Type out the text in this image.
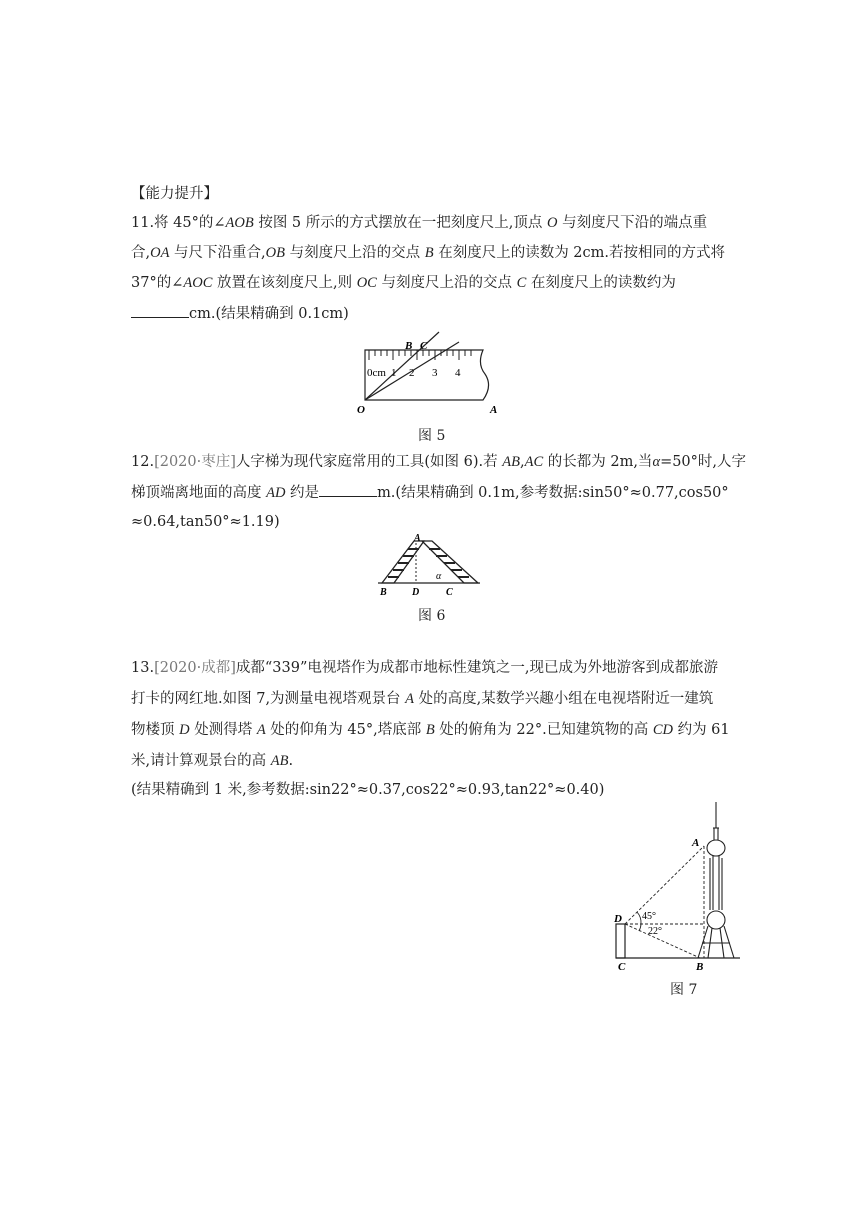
【能力提升】
11.将 45°的∠AOB 按图 5 所示的方式摆放在一把刻度尺上,顶点 O 与刻度尺下沿的端点重
合,OA 与尺下沿重合,OB 与刻度尺上沿的交点 B 在刻度尺上的读数为 2cm.若按相同的方式将
37°的∠AOC 放置在该刻度尺上,则 OC 与刻度尺上沿的交点 C 在刻度尺上的读数约为
cm.(结果精确到 0.1cm)
0cm 1 2 3 4
B C
O	A
图 5
12.[2020·枣庄]人字梯为现代家庭常用的工具(如图 6).若 AB,AC 的长都为 2m,当α=50°时,人字
梯顶端离地面的高度 AD 约是	m.(结果精确到 0.1m,参考数据:sin50°≈0.77,cos50°
≈0.64,tan50°≈1.19)
A
B	D	C
α
图 6
13.[2020·成都]成都“339”电视塔作为成都市地标性建筑之一,现已成为外地游客到成都旅游
打卡的网红地.如图 7,为测量电视塔观景台 A 处的高度,某数学兴趣小组在电视塔附近一建筑
物楼顶 D 处测得塔 A 处的仰角为 45°,塔底部 B 处的俯角为 22°.已知建筑物的高 CD 约为 61
米,请计算观景台的高 AB.
(结果精确到 1 米,参考数据:sin22°≈0.37,cos22°≈0.93,tan22°≈0.40)
A
D
C	B
45°
22°
图 7
